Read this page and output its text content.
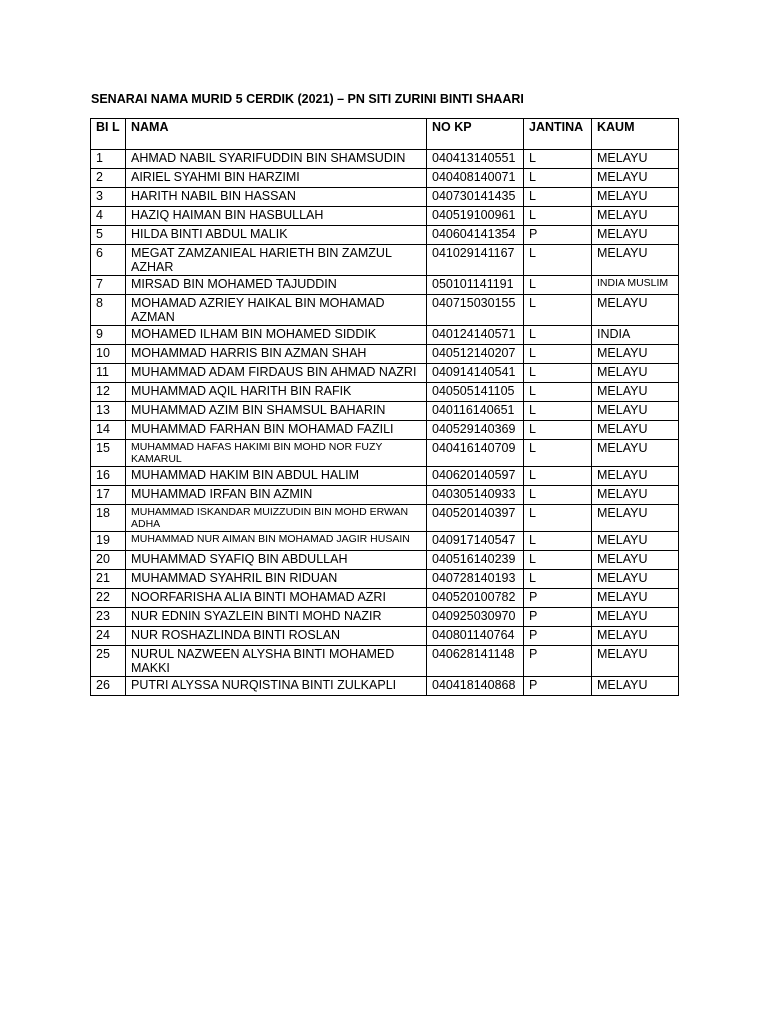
SENARAI NAMA MURID 5 CERDIK (2021) – PN SITI ZURINI BINTI SHAARI
BI L	NAMA	NO KP	JANTINA	KAUM
1	AHMAD NABIL SYARIFUDDIN BIN SHAMSUDIN	040413140551	L	MELAYU
2	AIRIEL SYAHMI BIN HARZIMI	040408140071	L	MELAYU
3	HARITH NABIL BIN HASSAN	040730141435	L	MELAYU
4	HAZIQ HAIMAN BIN HASBULLAH	040519100961	L	MELAYU
5	HILDA BINTI ABDUL MALIK	040604141354	P	MELAYU
6	MEGAT ZAMZANIEAL HARIETH BIN ZAMZUL AZHAR	041029141167	L	MELAYU
7	MIRSAD BIN MOHAMED TAJUDDIN	050101141191	L	INDIA MUSLIM
8	MOHAMAD AZRIEY HAIKAL BIN MOHAMAD AZMAN	040715030155	L	MELAYU
9	MOHAMED ILHAM BIN MOHAMED SIDDIK	040124140571	L	INDIA
10	MOHAMMAD HARRIS BIN AZMAN SHAH	040512140207	L	MELAYU
11	MUHAMMAD ADAM FIRDAUS BIN AHMAD NAZRI	040914140541	L	MELAYU
12	MUHAMMAD AQIL HARITH BIN RAFIK	040505141105	L	MELAYU
13	MUHAMMAD AZIM BIN SHAMSUL BAHARIN	040116140651	L	MELAYU
14	MUHAMMAD FARHAN BIN MOHAMAD FAZILI	040529140369	L	MELAYU
15	MUHAMMAD HAFAS HAKIMI BIN MOHD NOR FUZY KAMARUL	040416140709	L	MELAYU
16	MUHAMMAD HAKIM BIN ABDUL HALIM	040620140597	L	MELAYU
17	MUHAMMAD IRFAN BIN AZMIN	040305140933	L	MELAYU
18	MUHAMMAD ISKANDAR MUIZZUDIN BIN MOHD ERWAN ADHA	040520140397	L	MELAYU
19	MUHAMMAD NUR AIMAN BIN MOHAMAD JAGIR HUSAIN	040917140547	L	MELAYU
20	MUHAMMAD SYAFIQ BIN ABDULLAH	040516140239	L	MELAYU
21	MUHAMMAD SYAHRIL BIN RIDUAN	040728140193	L	MELAYU
22	NOORFARISHA ALIA BINTI MOHAMAD AZRI	040520100782	P	MELAYU
23	NUR EDNIN SYAZLEIN BINTI MOHD NAZIR	040925030970	P	MELAYU
24	NUR ROSHAZLINDA BINTI ROSLAN	040801140764	P	MELAYU
25	NURUL NAZWEEN ALYSHA BINTI MOHAMED MAKKI	040628141148	P	MELAYU
26	PUTRI ALYSSA NURQISTINA BINTI ZULKAPLI	040418140868	P	MELAYU
